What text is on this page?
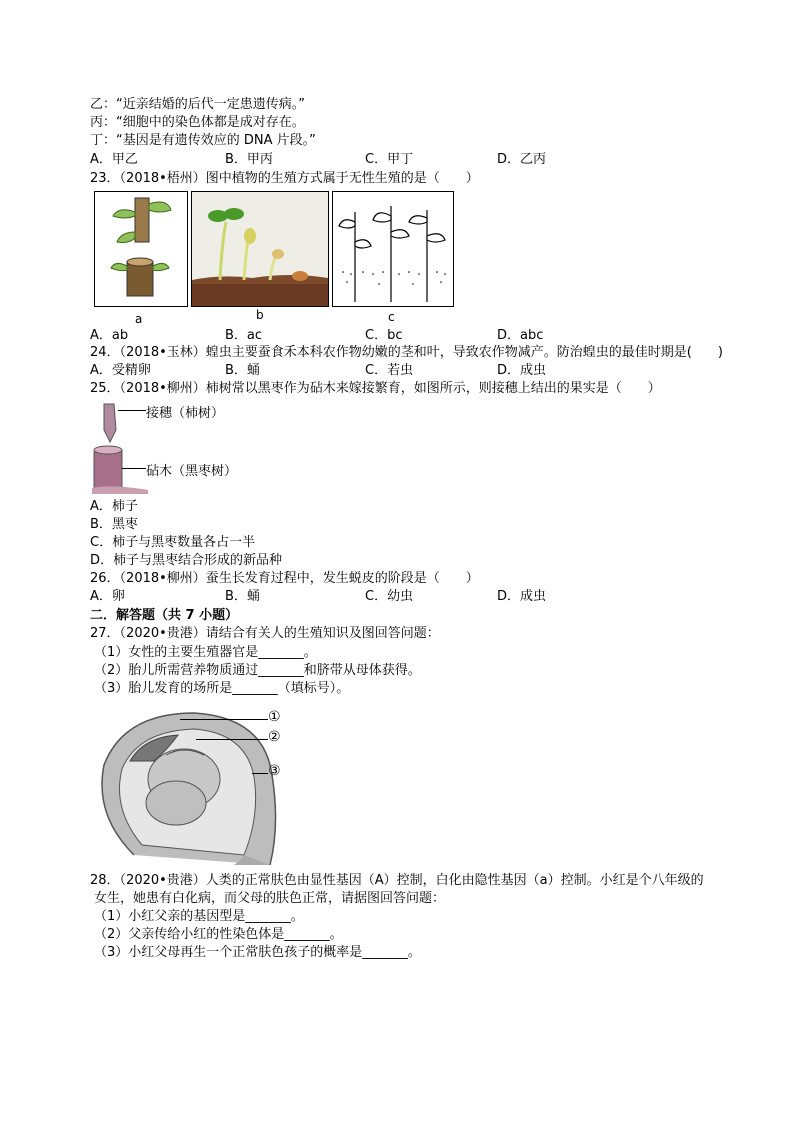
乙：“近亲结婚的后代一定患遗传病。”
丙：“细胞中的染色体都是成对存在。
丁：“基因是有遗传效应的 DNA 片段。”
A．甲乙	B．甲丙	C．甲丁	D．乙丙
23．（2018•梧州）图中植物的生殖方式属于无性生殖的是（　　）
a	b	c
A．ab	B．ac	C．bc	D．abc
24．（2018•玉林）蝗虫主要蚕食禾本科农作物幼嫩的茎和叶，导致农作物减产。防治蝗虫的最佳时期是(　　)
A．受精卵	B．蛹	C．若虫	D．成虫
25．（2018•柳州）柿树常以黑枣作为砧木来嫁接繁育，如图所示，则接穗上结出的果实是（　　）
接穗（柿树）
砧木（黑枣树）
A．柿子
B．黑枣
C．柿子与黑枣数量各占一半
D．柿子与黑枣结合形成的新品种
26．（2018•柳州）蚕生长发育过程中，发生蜕皮的阶段是（　　）
A．卵	B．蛹	C．幼虫	D．成虫
二．解答题（共 7 小题）
27．（2020•贵港）请结合有关人的生殖知识及图回答问题：
（1）女性的主要生殖器官是_______。
（2）胎儿所需营养物质通过_______和脐带从母体获得。
（3）胎儿发育的场所是_______（填标号）。
①
②
③
28．（2020•贵港）人类的正常肤色由显性基因（A）控制，白化由隐性基因（a）控制。小红是个八年级的
女生，她患有白化病，而父母的肤色正常，请据图回答问题：
（1）小红父亲的基因型是_______。
（2）父亲传给小红的性染色体是_______。
（3）小红父母再生一个正常肤色孩子的概率是_______。
